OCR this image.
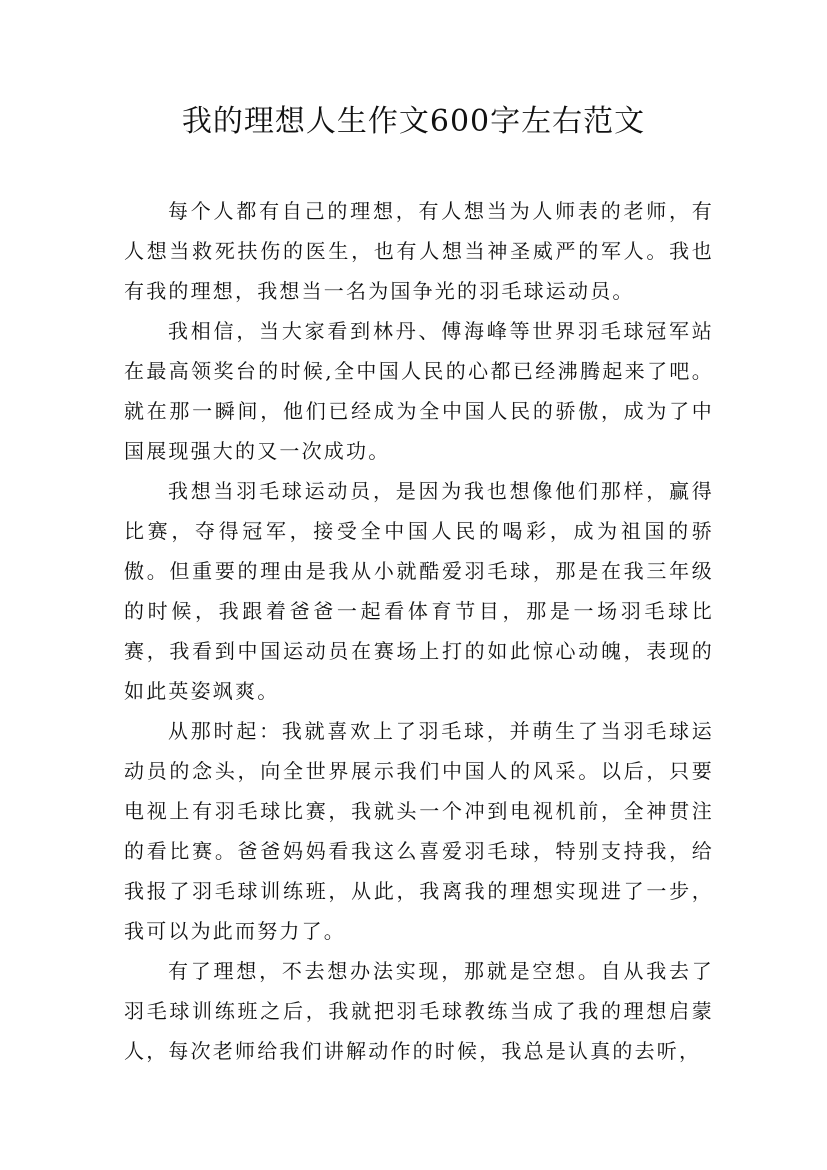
我的理想人生作文600字左右范文

每个人都有自己的理想，有人想当为人师表的老师，有人想当救死扶伤的医生，也有人想当神圣威严的军人。我也有我的理想，我想当一名为国争光的羽毛球运动员。

我相信，当大家看到林丹、傅海峰等世界羽毛球冠军站在最高领奖台的时候,全中国人民的心都已经沸腾起来了吧。就在那一瞬间，他们已经成为全中国人民的骄傲，成为了中国展现强大的又一次成功。

我想当羽毛球运动员，是因为我也想像他们那样，赢得比赛，夺得冠军，接受全中国人民的喝彩，成为祖国的骄傲。但重要的理由是我从小就酷爱羽毛球，那是在我三年级的时候，我跟着爸爸一起看体育节目，那是一场羽毛球比赛，我看到中国运动员在赛场上打的如此惊心动魄，表现的如此英姿飒爽。

从那时起：我就喜欢上了羽毛球，并萌生了当羽毛球运动员的念头，向全世界展示我们中国人的风采。以后，只要电视上有羽毛球比赛，我就头一个冲到电视机前，全神贯注的看比赛。爸爸妈妈看我这么喜爱羽毛球，特别支持我，给我报了羽毛球训练班，从此，我离我的理想实现进了一步，我可以为此而努力了。

有了理想，不去想办法实现，那就是空想。自从我去了羽毛球训练班之后，我就把羽毛球教练当成了我的理想启蒙人，每次老师给我们讲解动作的时候，我总是认真的去听，
